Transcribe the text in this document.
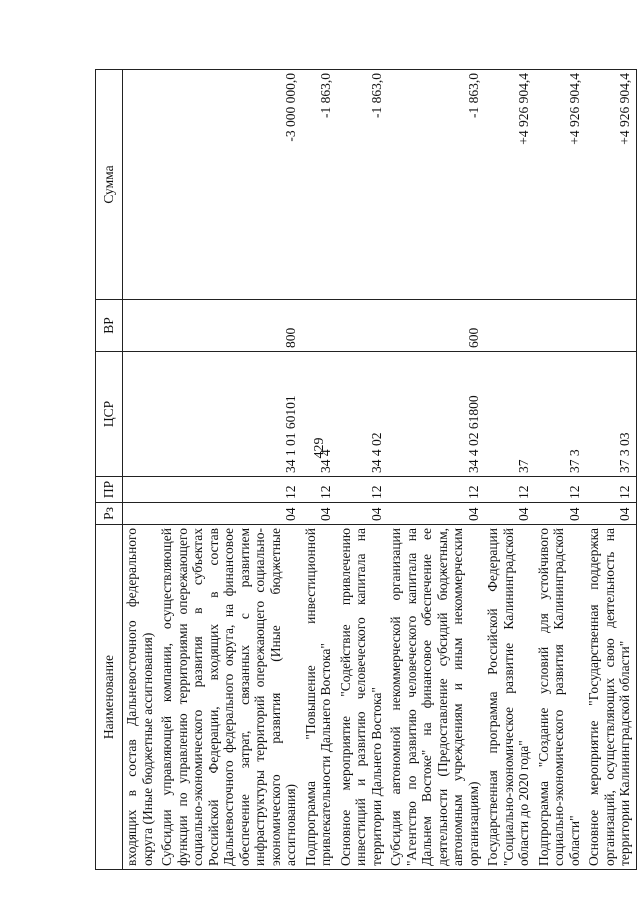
429
Наименование	Рз	ПР	ЦСР	ВР	Сумма
входящих в состав Дальневосточного федерального округа (Иные бюджетные ассигнования)					
Субсидии управляющей компании, осуществляющей функции по управлению территориями опережающего социально-экономического развития в субъектах Российской Федерации, входящих в состав Дальневосточного федерального округа, на финансовое обеспечение затрат, связанных с развитием инфраструктуры территорий опережающего социально-экономического развития (Иные бюджетные ассигнования)	04	12	34 1 01 60101	800	-3 000 000,0
Подпрограмма "Повышение инвестиционной привлекательности Дальнего Востока"	04	12	34 4		-1 863,0
Основное мероприятие "Содействие привлечению инвестиций и развитию человеческого капитала на территории Дальнего Востока"	04	12	34 4 02		-1 863,0
Субсидия автономной некоммерческой организации "Агентство по развитию человеческого капитала на Дальнем Востоке" на финансовое обеспечение ее деятельности (Предоставление субсидий бюджетным, автономным учреждениям и иным некоммерческим организациям)	04	12	34 4 02 61800	600	-1 863,0
Государственная программа Российской Федерации "Социально-экономическое развитие Калининградской области до 2020 года"	04	12	37		+4 926 904,4
Подпрограмма "Создание условий для устойчивого социально-экономического развития Калининградской области"	04	12	37 3		+4 926 904,4
Основное мероприятие "Государственная поддержка организаций, осуществляющих свою деятельность на территории Калининградской области"	04	12	37 3 03		+4 926 904,4
